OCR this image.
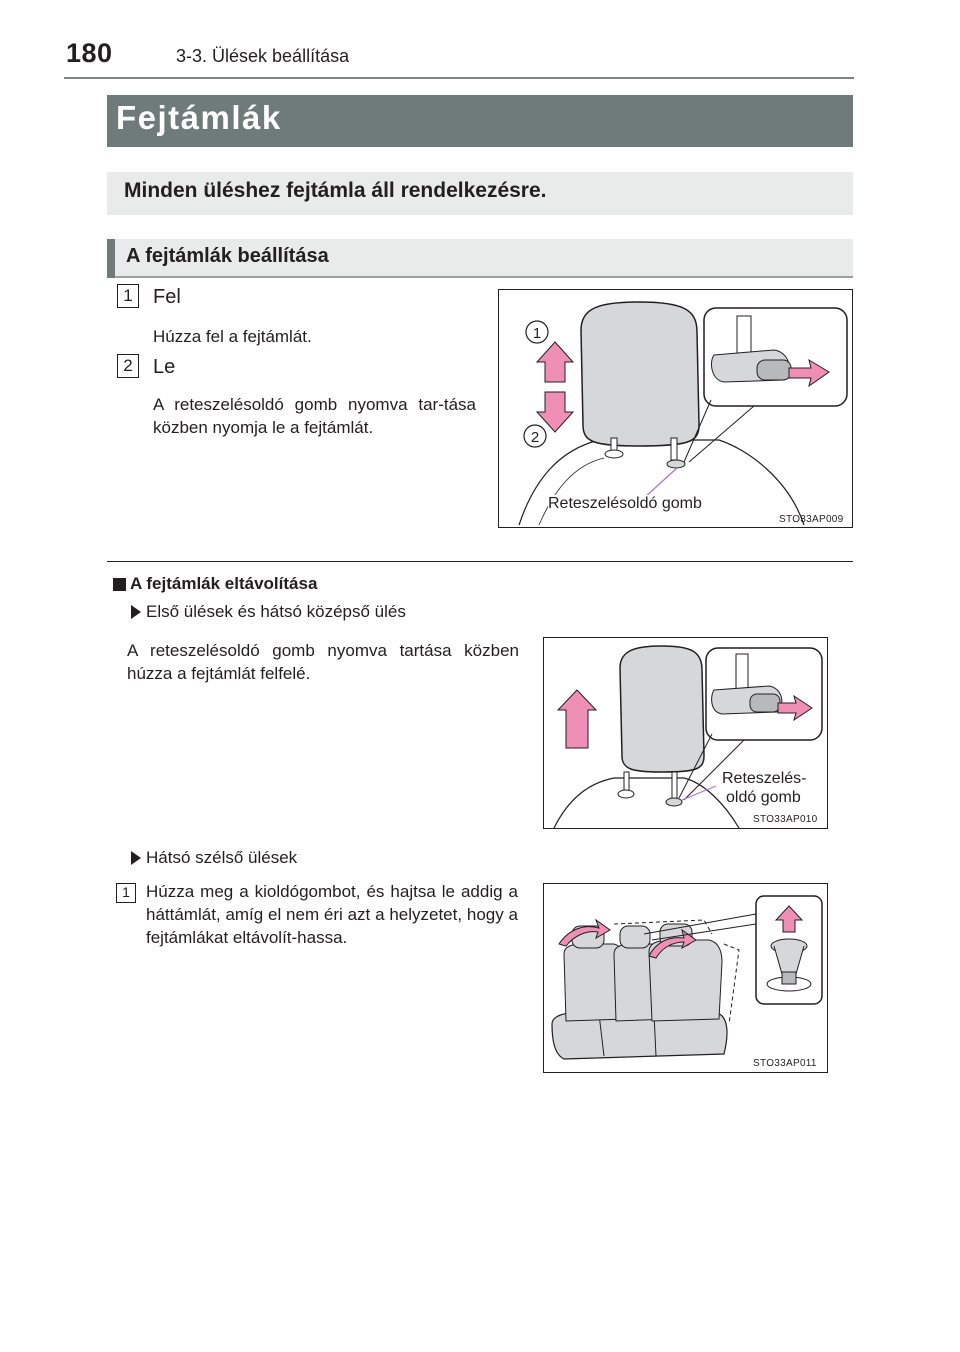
180	3-3. Ülések beállítása
Fejtámlák
Minden üléshez fejtámla áll rendelkezésre.
A fejtámlák beállítása
1	Fel
Húzza fel a fejtámlát.
2	Le
A reteszelésoldó gomb nyomva tar-tása közben nyomja le a fejtámlát.
1
2
Reteszelésoldó gomb
STO33AP009
A fejtámlák eltávolítása
Első ülések és hátsó középső ülés
A reteszelésoldó gomb nyomva tartása közben húzza a fejtámlát felfelé.
Reteszelés-
oldó gomb
STO33AP010
Hátsó szélső ülések
1 Húzza meg a kioldógombot, és hajtsa le addig a háttámlát, amíg el nem éri azt a helyzetet, hogy a fejtámlákat eltávolít-hassa.
STO33AP011
